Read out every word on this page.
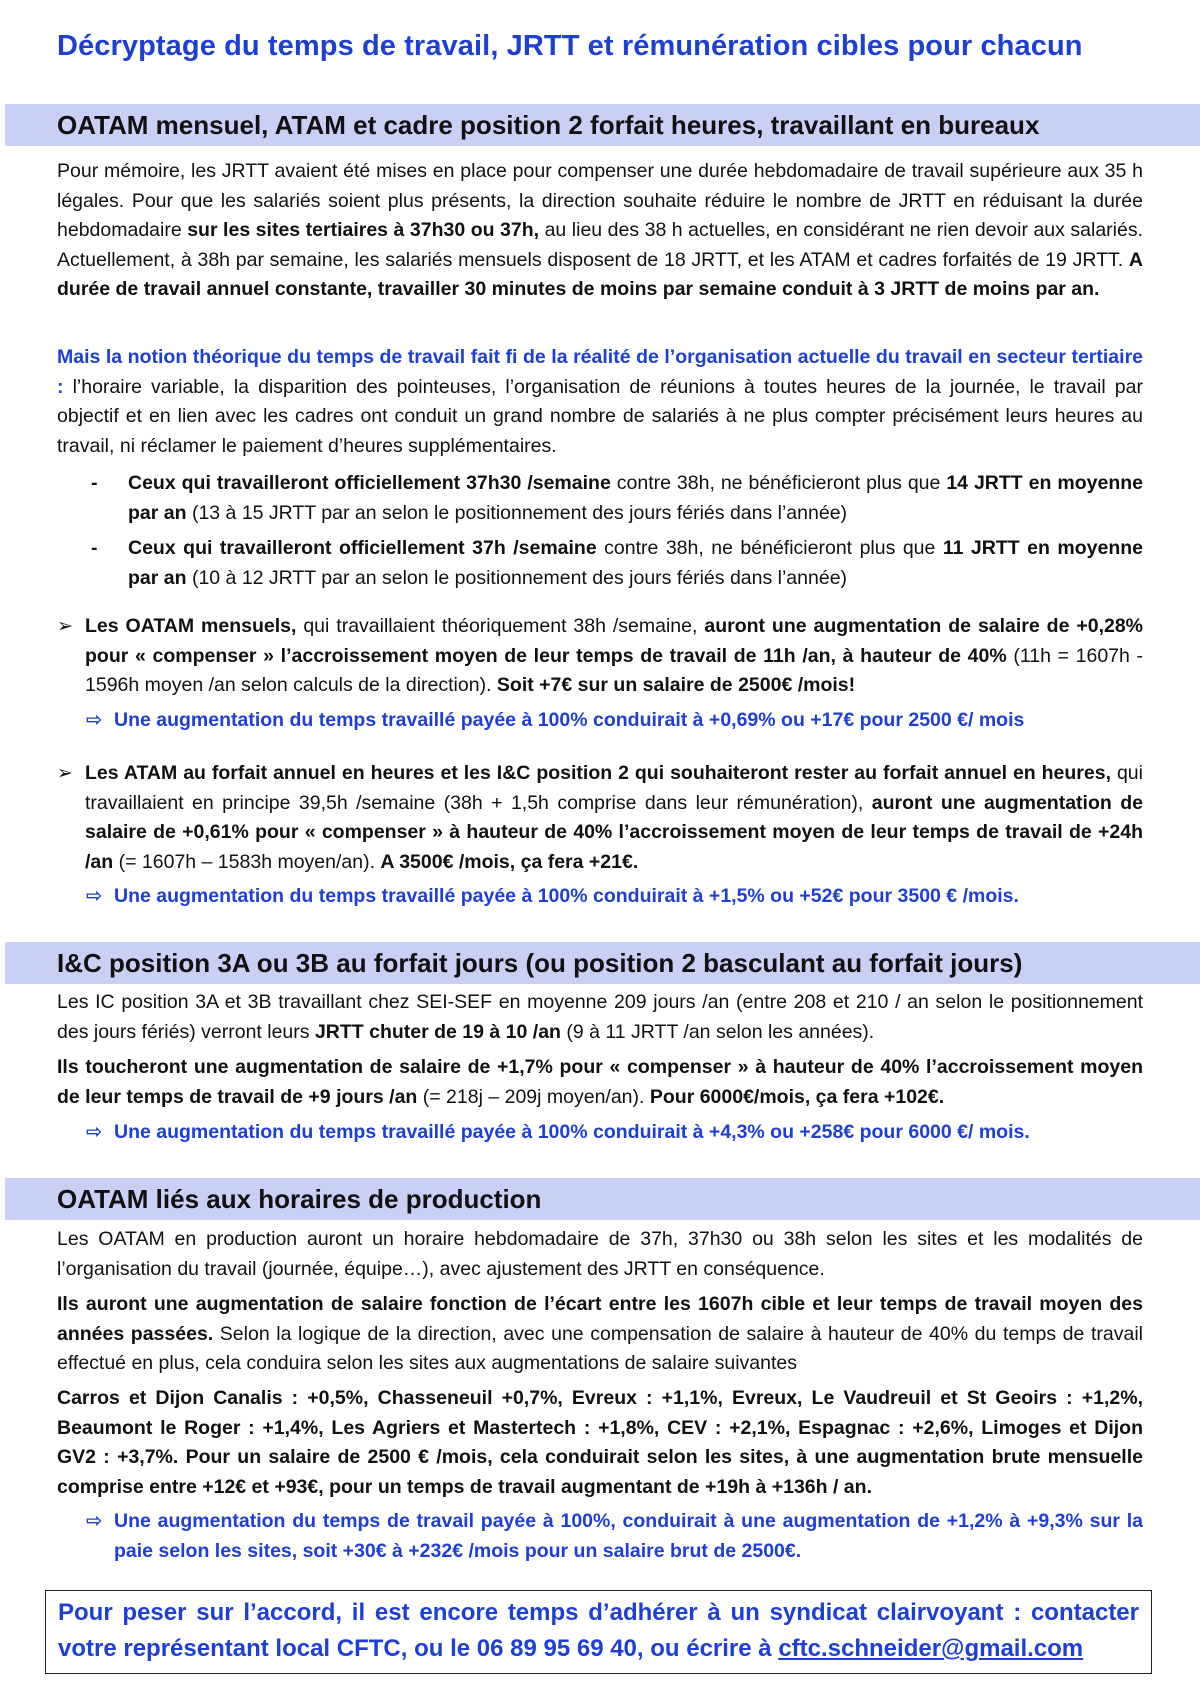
Décryptage du temps de travail, JRTT et rémunération cibles pour chacun
OATAM mensuel, ATAM et cadre position 2 forfait heures, travaillant en bureaux

Pour mémoire, les JRTT avaient été mises en place pour compenser une durée hebdomadaire de travail supérieure aux 35 h légales. Pour que les salariés soient plus présents, la direction souhaite réduire le nombre de JRTT en réduisant la durée hebdomadaire sur les sites tertiaires à 37h30 ou 37h, au lieu des 38 h actuelles, en considérant ne rien devoir aux salariés. Actuellement, à 38h par semaine, les salariés mensuels disposent de 18 JRTT, et les ATAM et cadres forfaités de 19 JRTT. A durée de travail annuel constante, travailler 30 minutes de moins par semaine conduit à 3 JRTT de moins par an.

Mais la notion théorique du temps de travail fait fi de la réalité de l’organisation actuelle du travail en secteur tertiaire : l’horaire variable, la disparition des pointeuses, l’organisation de réunions à toutes heures de la journée, le travail par objectif et en lien avec les cadres ont conduit un grand nombre de salariés à ne plus compter précisément leurs heures au travail, ni réclamer le paiement d’heures supplémentaires.

- Ceux qui travailleront officiellement 37h30 /semaine contre 38h, ne bénéficieront plus que 14 JRTT en moyenne par an (13 à 15 JRTT par an selon le positionnement des jours fériés dans l’année)

- Ceux qui travailleront officiellement 37h /semaine contre 38h, ne bénéficieront plus que 11 JRTT en moyenne par an (10 à 12 JRTT par an selon le positionnement des jours fériés dans l’année)

➢ Les OATAM mensuels, qui travaillaient théoriquement 38h /semaine, auront une augmentation de salaire de +0,28% pour « compenser » l’accroissement moyen de leur temps de travail de 11h /an, à hauteur de 40% (11h = 1607h - 1596h moyen /an selon calculs de la direction). Soit +7€ sur un salaire de 2500€ /mois!

⇨ Une augmentation du temps travaillé payée à 100% conduirait à +0,69% ou +17€ pour 2500 €/ mois

➢ Les ATAM au forfait annuel en heures et les I&C position 2 qui souhaiteront rester au forfait annuel en heures, qui travaillaient en principe 39,5h /semaine (38h + 1,5h comprise dans leur rémunération), auront une augmentation de salaire de +0,61% pour « compenser » à hauteur de 40% l’accroissement moyen de leur temps de travail de +24h /an (= 1607h – 1583h moyen/an). A 3500€ /mois, ça fera +21€.

⇨ Une augmentation du temps travaillé payée à 100% conduirait à +1,5% ou +52€ pour 3500 € /mois.

I&C position 3A ou 3B au forfait jours (ou position 2 basculant au forfait jours)

Les IC position 3A et 3B travaillant chez SEI-SEF en moyenne 209 jours /an (entre 208 et 210 / an selon le positionnement des jours fériés) verront leurs JRTT chuter de 19 à 10 /an (9 à 11 JRTT /an selon les années).

Ils toucheront une augmentation de salaire de +1,7% pour « compenser » à hauteur de 40% l’accroissement moyen de leur temps de travail de +9 jours /an (= 218j – 209j moyen/an). Pour 6000€/mois, ça fera +102€.

⇨ Une augmentation du temps travaillé payée à 100% conduirait à +4,3% ou +258€ pour 6000 €/ mois.

OATAM liés aux horaires de production

Les OATAM en production auront un horaire hebdomadaire de 37h, 37h30 ou 38h selon les sites et les modalités de l’organisation du travail (journée, équipe…), avec ajustement des JRTT en conséquence.

Ils auront une augmentation de salaire fonction de l’écart entre les 1607h cible et leur temps de travail moyen des années passées. Selon la logique de la direction, avec une compensation de salaire à hauteur de 40% du temps de travail effectué en plus, cela conduira selon les sites aux augmentations de salaire suivantes

Carros et Dijon Canalis : +0,5%, Chasseneuil +0,7%, Evreux : +1,1%, Evreux, Le Vaudreuil et St Geoirs : +1,2%, Beaumont le Roger : +1,4%, Les Agriers et Mastertech : +1,8%, CEV : +2,1%, Espagnac : +2,6%, Limoges et Dijon GV2 : +3,7%. Pour un salaire de 2500 € /mois, cela conduirait selon les sites, à une augmentation brute mensuelle comprise entre +12€ et +93€, pour un temps de travail augmentant de +19h à +136h / an.

⇨ Une augmentation du temps de travail payée à 100%, conduirait à une augmentation de +1,2% à +9,3% sur la paie selon les sites, soit +30€ à +232€ /mois pour un salaire brut de 2500€.

Pour peser sur l’accord, il est encore temps d’adhérer à un syndicat clairvoyant : contacter votre représentant local CFTC, ou le 06 89 95 69 40, ou écrire à cftc.schneider@gmail.com
